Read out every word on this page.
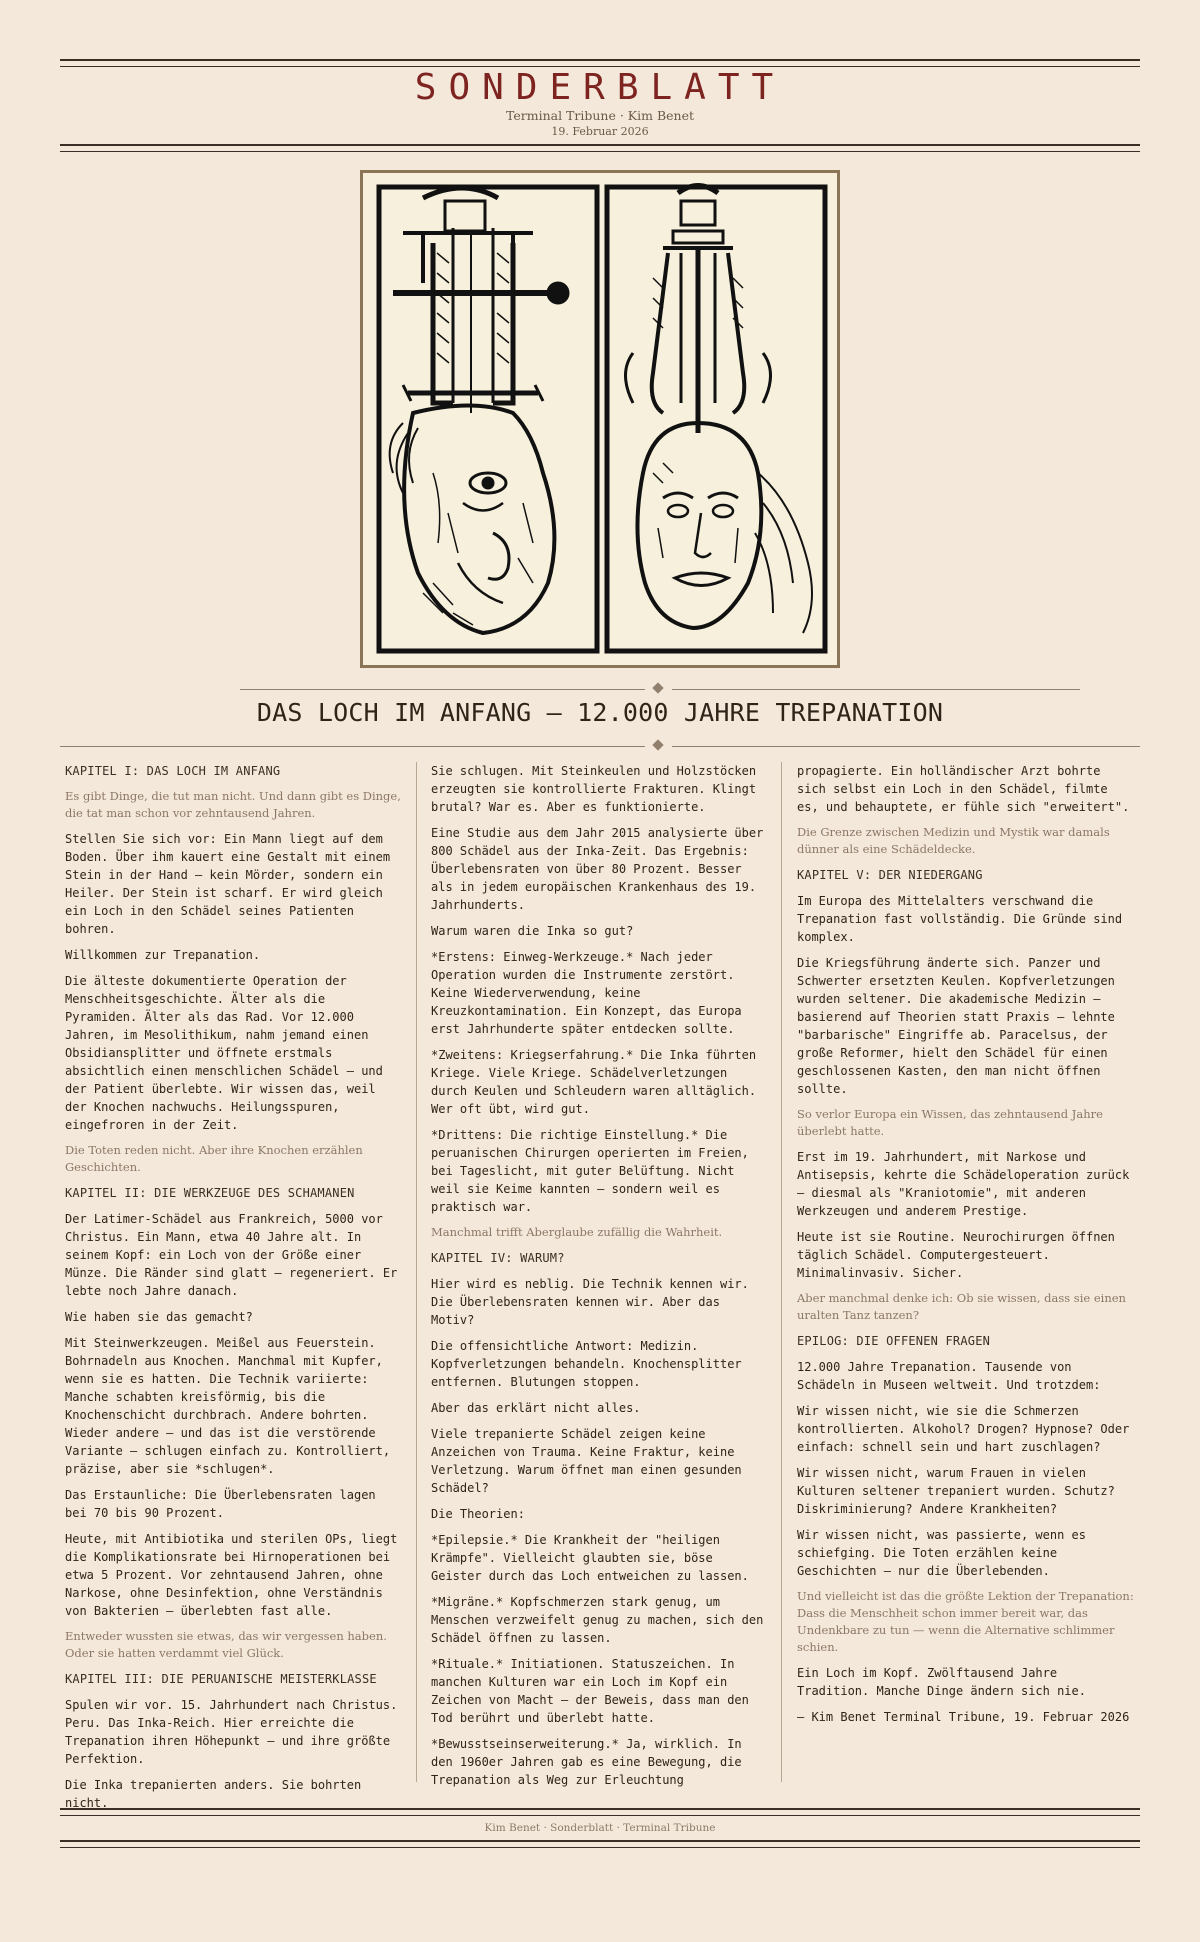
SONDERBLATT
Terminal Tribune · Kim Benet
19. Februar 2026
DAS LOCH IM ANFANG — 12.000 JAHRE TREPANATION

KAPITEL I: DAS LOCH IM ANFANG

Es gibt Dinge, die tut man nicht. Und dann gibt es Dinge, die tat man schon vor zehntausend Jahren.

Stellen Sie sich vor: Ein Mann liegt auf dem Boden. Über ihm kauert eine Gestalt mit einem Stein in der Hand — kein Mörder, sondern ein Heiler. Der Stein ist scharf. Er wird gleich ein Loch in den Schädel seines Patienten bohren.

Willkommen zur Trepanation.

Die älteste dokumentierte Operation der Menschheitsgeschichte. Älter als die Pyramiden. Älter als das Rad. Vor 12.000 Jahren, im Mesolithikum, nahm jemand einen Obsidiansplitter und öffnete erstmals absichtlich einen menschlichen Schädel — und der Patient überlebte. Wir wissen das, weil der Knochen nachwuchs. Heilungsspuren, eingefroren in der Zeit.

Die Toten reden nicht. Aber ihre Knochen erzählen Geschichten.

KAPITEL II: DIE WERKZEUGE DES SCHAMANEN

Der Latimer-Schädel aus Frankreich, 5000 vor Christus. Ein Mann, etwa 40 Jahre alt. In seinem Kopf: ein Loch von der Größe einer Münze. Die Ränder sind glatt — regeneriert. Er lebte noch Jahre danach.

Wie haben sie das gemacht?

Mit Steinwerkzeugen. Meißel aus Feuerstein. Bohrnadeln aus Knochen. Manchmal mit Kupfer, wenn sie es hatten. Die Technik variierte: Manche schabten kreisförmig, bis die Knochenschicht durchbrach. Andere bohrten. Wieder andere — und das ist die verstörende Variante — schlugen einfach zu. Kontrolliert, präzise, aber sie *schlugen*.

Das Erstaunliche: Die Überlebensraten lagen bei 70 bis 90 Prozent.

Heute, mit Antibiotika und sterilen OPs, liegt die Komplikationsrate bei Hirnoperationen bei etwa 5 Prozent. Vor zehntausend Jahren, ohne Narkose, ohne Desinfektion, ohne Verständnis von Bakterien — überlebten fast alle.

Entweder wussten sie etwas, das wir vergessen haben. Oder sie hatten verdammt viel Glück.

KAPITEL III: DIE PERUANISCHE MEISTERKLASSE

Spulen wir vor. 15. Jahrhundert nach Christus. Peru. Das Inka-Reich. Hier erreichte die Trepanation ihren Höhepunkt — und ihre größte Perfektion.

Die Inka trepanierten anders. Sie bohrten nicht.

Sie schlugen. Mit Steinkeulen und Holzstöcken erzeugten sie kontrollierte Frakturen. Klingt brutal? War es. Aber es funktionierte.

Eine Studie aus dem Jahr 2015 analysierte über 800 Schädel aus der Inka-Zeit. Das Ergebnis: Überlebensraten von über 80 Prozent. Besser als in jedem europäischen Krankenhaus des 19. Jahrhunderts.

Warum waren die Inka so gut?

*Erstens: Einweg-Werkzeuge.* Nach jeder Operation wurden die Instrumente zerstört. Keine Wiederverwendung, keine Kreuzkontamination. Ein Konzept, das Europa erst Jahrhunderte später entdecken sollte.

*Zweitens: Kriegserfahrung.* Die Inka führten Kriege. Viele Kriege. Schädelverletzungen durch Keulen und Schleudern waren alltäglich. Wer oft übt, wird gut.

*Drittens: Die richtige Einstellung.* Die peruanischen Chirurgen operierten im Freien, bei Tageslicht, mit guter Belüftung. Nicht weil sie Keime kannten — sondern weil es praktisch war.

Manchmal trifft Aberglaube zufällig die Wahrheit.

KAPITEL IV: WARUM?

Hier wird es neblig. Die Technik kennen wir. Die Überlebensraten kennen wir. Aber das Motiv?

Die offensichtliche Antwort: Medizin. Kopfverletzungen behandeln. Knochensplitter entfernen. Blutungen stoppen.

Aber das erklärt nicht alles.

Viele trepanierte Schädel zeigen keine Anzeichen von Trauma. Keine Fraktur, keine Verletzung. Warum öffnet man einen gesunden Schädel?

Die Theorien:

*Epilepsie.* Die Krankheit der "heiligen Krämpfe". Vielleicht glaubten sie, böse Geister durch das Loch entweichen zu lassen.

*Migräne.* Kopfschmerzen stark genug, um Menschen verzweifelt genug zu machen, sich den Schädel öffnen zu lassen.

*Rituale.* Initiationen. Statuszeichen. In manchen Kulturen war ein Loch im Kopf ein Zeichen von Macht — der Beweis, dass man den Tod berührt und überlebt hatte.

*Bewusstseinserweiterung.* Ja, wirklich. In den 1960er Jahren gab es eine Bewegung, die Trepanation als Weg zur Erleuchtung

propagierte. Ein holländischer Arzt bohrte sich selbst ein Loch in den Schädel, filmte es, und behauptete, er fühle sich "erweitert".

Die Grenze zwischen Medizin und Mystik war damals dünner als eine Schädeldecke.

KAPITEL V: DER NIEDERGANG

Im Europa des Mittelalters verschwand die Trepanation fast vollständig. Die Gründe sind komplex.

Die Kriegsführung änderte sich. Panzer und Schwerter ersetzten Keulen. Kopfverletzungen wurden seltener. Die akademische Medizin — basierend auf Theorien statt Praxis — lehnte "barbarische" Eingriffe ab. Paracelsus, der große Reformer, hielt den Schädel für einen geschlossenen Kasten, den man nicht öffnen sollte.

So verlor Europa ein Wissen, das zehntausend Jahre überlebt hatte.

Erst im 19. Jahrhundert, mit Narkose und Antisepsis, kehrte die Schädeloperation zurück — diesmal als "Kraniotomie", mit anderen Werkzeugen und anderem Prestige.

Heute ist sie Routine. Neurochirurgen öffnen täglich Schädel. Computergesteuert. Minimalinvasiv. Sicher.

Aber manchmal denke ich: Ob sie wissen, dass sie einen uralten Tanz tanzen?

EPILOG: DIE OFFENEN FRAGEN

12.000 Jahre Trepanation. Tausende von Schädeln in Museen weltweit. Und trotzdem:

Wir wissen nicht, wie sie die Schmerzen kontrollierten. Alkohol? Drogen? Hypnose? Oder einfach: schnell sein und hart zuschlagen?

Wir wissen nicht, warum Frauen in vielen Kulturen seltener trepaniert wurden. Schutz? Diskriminierung? Andere Krankheiten?

Wir wissen nicht, was passierte, wenn es schiefging. Die Toten erzählen keine Geschichten — nur die Überlebenden.

Und vielleicht ist das die größte Lektion der Trepanation: Dass die Menschheit schon immer bereit war, das Undenkbare zu tun — wenn die Alternative schlimmer schien.

Ein Loch im Kopf. Zwölftausend Jahre Tradition. Manche Dinge ändern sich nie.

— Kim Benet Terminal Tribune, 19. Februar 2026

Kim Benet · Sonderblatt · Terminal Tribune
